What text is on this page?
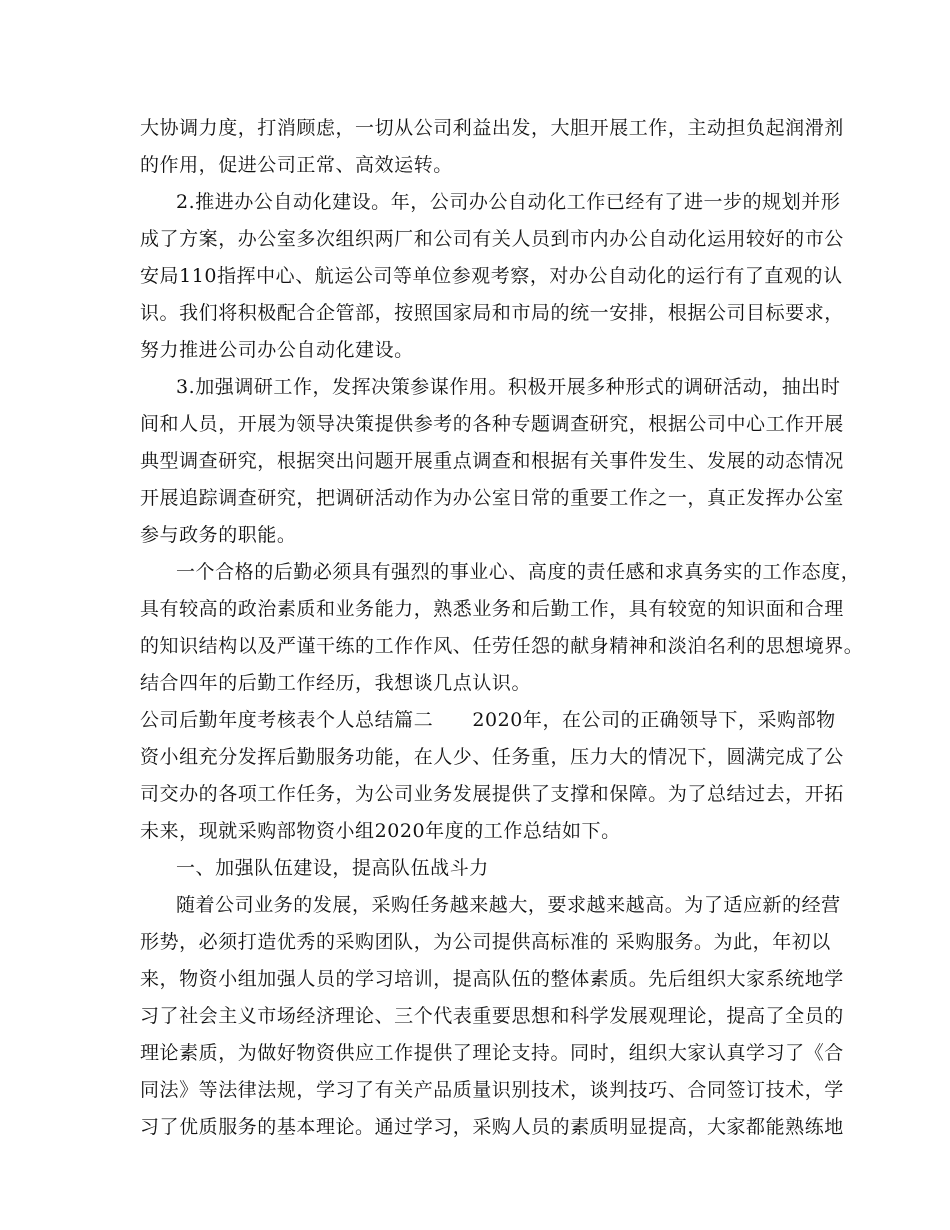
大协调力度，打消顾虑，一切从公司利益出发，大胆开展工作，主动担负起润滑剂
的作用，促进公司正常、高效运转。
2.推进办公自动化建设。年，公司办公自动化工作已经有了进一步的规划并形
成了方案，办公室多次组织两厂和公司有关人员到市内办公自动化运用较好的市公
安局110指挥中心、航运公司等单位参观考察，对办公自动化的运行有了直观的认
识。我们将积极配合企管部，按照国家局和市局的统一安排，根据公司目标要求，
努力推进公司办公自动化建设。
3.加强调研工作，发挥决策参谋作用。积极开展多种形式的调研活动，抽出时
间和人员，开展为领导决策提供参考的各种专题调查研究，根据公司中心工作开展
典型调查研究，根据突出问题开展重点调查和根据有关事件发生、发展的动态情况
开展追踪调查研究，把调研活动作为办公室日常的重要工作之一，真正发挥办公室
参与政务的职能。
一个合格的后勤必须具有强烈的事业心、高度的责任感和求真务实的工作态度，
具有较高的政治素质和业务能力，熟悉业务和后勤工作，具有较宽的知识面和合理
的知识结构以及严谨干练的工作作风、任劳任怨的献身精神和淡泊名利的思想境界。
结合四年的后勤工作经历，我想谈几点认识。
公司后勤年度考核表个人总结篇二　　2020年，在公司的正确领导下，采购部物
资小组充分发挥后勤服务功能，在人少、任务重，压力大的情况下，圆满完成了公
司交办的各项工作任务，为公司业务发展提供了支撑和保障。为了总结过去，开拓
未来，现就采购部物资小组2020年度的工作总结如下。
一、加强队伍建设，提高队伍战斗力
随着公司业务的发展，采购任务越来越大，要求越来越高。为了适应新的经营
形势，必须打造优秀的采购团队，为公司提供高标准的 采购服务。为此，年初以
来，物资小组加强人员的学习培训，提高队伍的整体素质。先后组织大家系统地学
习了社会主义市场经济理论、三个代表重要思想和科学发展观理论，提高了全员的
理论素质，为做好物资供应工作提供了理论支持。同时，组织大家认真学习了《合
同法》等法律法规，学习了有关产品质量识别技术，谈判技巧、合同签订技术，学
习了优质服务的基本理论。通过学习，采购人员的素质明显提高，大家都能熟练地
